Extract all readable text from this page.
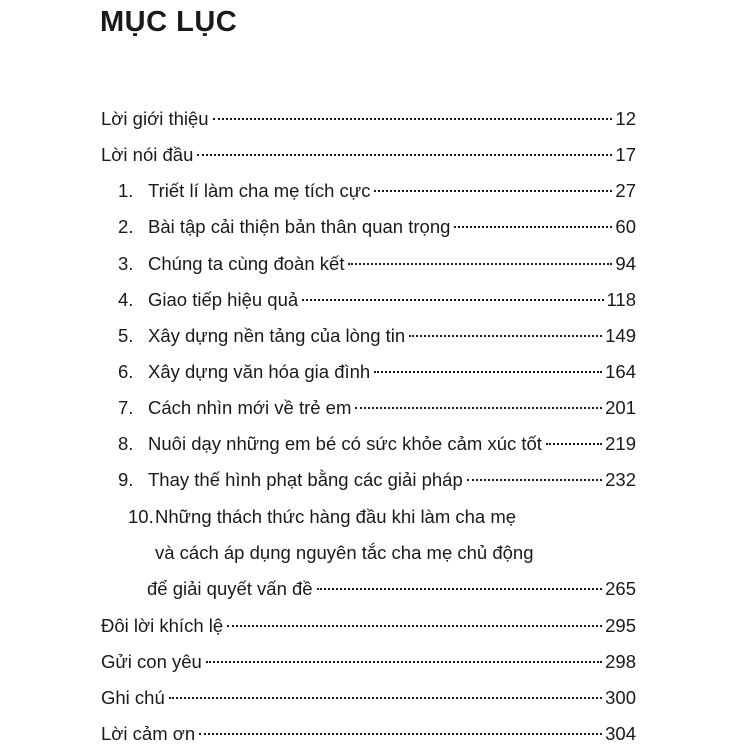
MỤC LỤC
Lời giới thiệu	12
Lời nói đầu	17
1. Triết lí làm cha mẹ tích cực	27
2. Bài tập cải thiện bản thân quan trọng	60
3. Chúng ta cùng đoàn kết	94
4. Giao tiếp hiệu quả	118
5. Xây dựng nền tảng của lòng tin	149
6. Xây dựng văn hóa gia đình	164
7. Cách nhìn mới về trẻ em	201
8. Nuôi dạy những em bé có sức khỏe cảm xúc tốt	219
9. Thay thế hình phạt bằng các giải pháp	232
10.Những thách thức hàng đầu khi làm cha mẹ
và cách áp dụng nguyên tắc cha mẹ chủ động
để giải quyết vấn đề	265
Đôi lời khích lệ	295
Gửi con yêu	298
Ghi chú	300
Lời cảm ơn	304
